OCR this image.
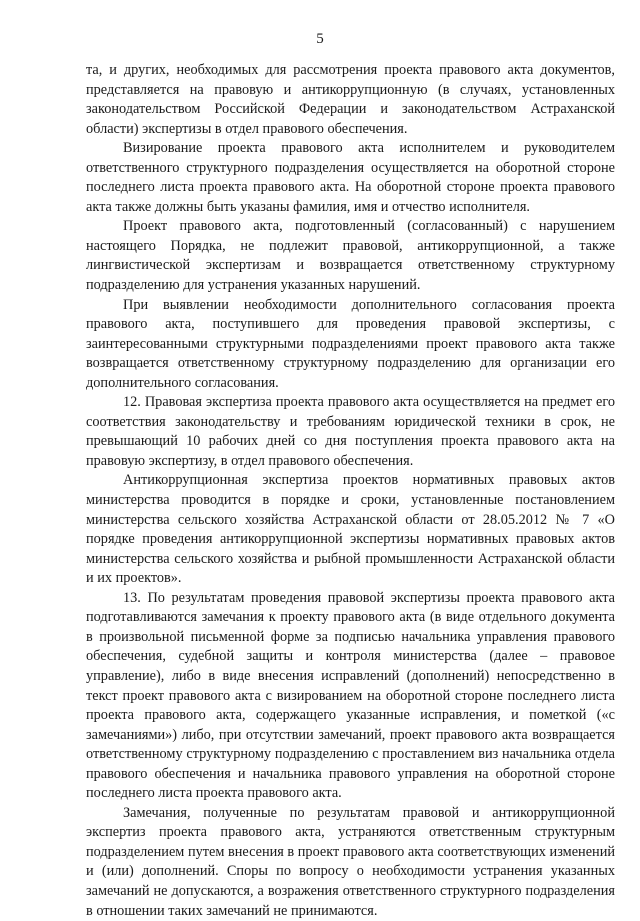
5

та, и других, необходимых для рассмотрения проекта правового акта документов, представляется на правовую и антикоррупционную (в случаях, установленных законодательством Российской Федерации и законодательством Астраханской области) экспертизы в отдел правового обеспечения.

Визирование проекта правового акта исполнителем и руководителем ответственного структурного подразделения осуществляется на оборотной стороне последнего листа проекта правового акта. На оборотной стороне проекта правового акта также должны быть указаны фамилия, имя и отчество исполнителя.

Проект правового акта, подготовленный (согласованный) с нарушением настоящего Порядка, не подлежит правовой, антикоррупционной, а также лингвистической экспертизам и возвращается ответственному структурному подразделению для устранения указанных нарушений.

При выявлении необходимости дополнительного согласования проекта правового акта, поступившего для проведения правовой экспертизы, с заинтересованными структурными подразделениями проект правового акта также возвращается ответственному структурному подразделению для организации его дополнительного согласования.

12. Правовая экспертиза проекта правового акта осуществляется на предмет его соответствия законодательству и требованиям юридической техники в срок, не превышающий 10 рабочих дней со дня поступления проекта правового акта на правовую экспертизу, в отдел правового обеспечения.

Антикоррупционная экспертиза проектов нормативных правовых актов министерства проводится в порядке и сроки, установленные постановлением министерства сельского хозяйства Астраханской области от 28.05.2012 № 7 «О порядке проведения антикоррупционной экспертизы нормативных правовых актов министерства сельского хозяйства и рыбной промышленности Астраханской области и их проектов».

13. По результатам проведения правовой экспертизы проекта правового акта подготавливаются замечания к проекту правового акта (в виде отдельного документа в произвольной письменной форме за подписью начальника управления правового обеспечения, судебной защиты и контроля министерства (далее – правовое управление), либо в виде внесения исправлений (дополнений) непосредственно в текст проект правового акта с визированием на оборотной стороне последнего листа проекта правового акта, содержащего указанные исправления, и пометкой («с замечаниями») либо, при отсутствии замечаний, проект правового акта возвращается ответственному структурному подразделению с проставлением виз начальника отдела правового обеспечения и начальника правового управления на оборотной стороне последнего листа проекта правового акта.

Замечания, полученные по результатам правовой и антикоррупционной экспертиз проекта правового акта, устраняются ответственным структурным подразделением путем внесения в проект правового акта соответствующих изменений и (или) дополнений. Споры по вопросу о необходимости устранения указанных замечаний не допускаются, а возражения ответственного структурного подразделения в отношении таких замечаний не принимаются.
